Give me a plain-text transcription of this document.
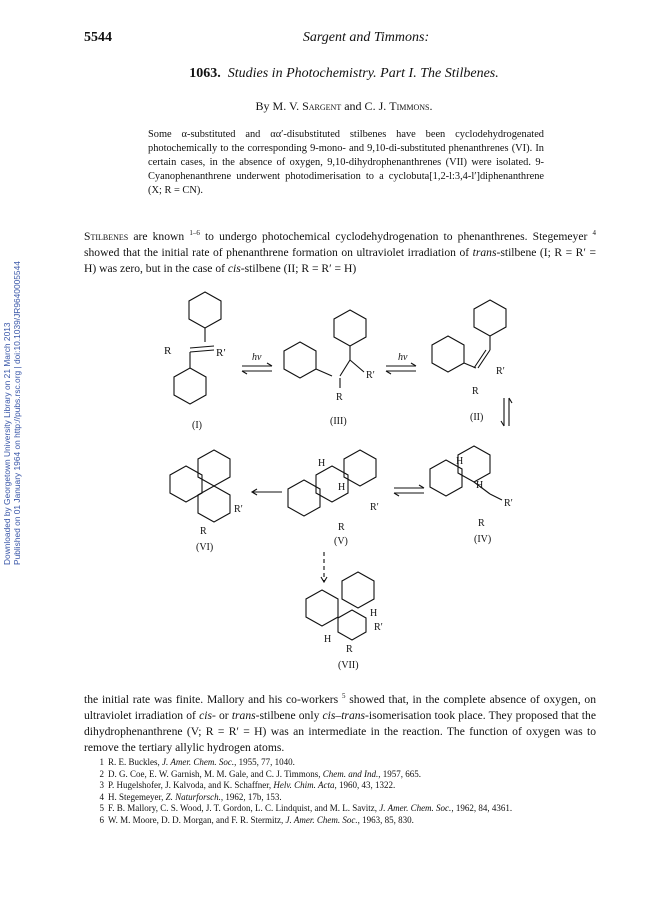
Downloaded by Georgetown University Library on 21 March 2013 Published on 01 January 1964 on http://pubs.rsc.org | doi:10.1039/JR9640005544
5544	Sargent and Timmons:
1063. Studies in Photochemistry. Part I. The Stilbenes.
By M. V. Sargent and C. J. Timmons.
Some α-substituted and αα′-disubstituted stilbenes have been cyclodehydrogenated photochemically to the corresponding 9-mono- and 9,10-di-substituted phenanthrenes (VI). In certain cases, in the absence of oxygen, 9,10-dihydrophenanthrenes (VII) were isolated. 9-Cyanophenanthrene underwent photodimerisation to a cyclobuta[1,2-l:3,4-l′]diphenanthrene (X; R = CN).
Stilbenes are known $^{1-6}$ to undergo photochemical cyclodehydrogenation to phenanthrenes. Stegemeyer $^4$ showed that the initial rate of phenanthrene formation on ultraviolet irradiation of trans-stilbene (I; R = R′ = H) was zero, but in the case of cis-stilbene (II; R = R′ = H)
R	R′
(I)
hν
R′
R
(III)
hν
R′
R
(II)
H
H
R′
R
(IV)
H
H
R′
R
(V)
R′
R
(VI)
H
R′
H
R
(VII)
the initial rate was finite. Mallory and his co-workers $^5$ showed that, in the complete absence of oxygen, on ultraviolet irradiation of cis- or trans-stilbene only cis–trans-isomerisation took place. They proposed that the dihydrophenanthrene (V; R = R′ = H) was an intermediate in the reaction. The function of oxygen was to remove the tertiary allylic hydrogen atoms.
1 R. E. Buckles, J. Amer. Chem. Soc., 1955, 77, 1040.
2 D. G. Coe, E. W. Garnish, M. M. Gale, and C. J. Timmons, Chem. and Ind., 1957, 665.
3 P. Hugelshofer, J. Kalvoda, and K. Schaffner, Helv. Chim. Acta, 1960, 43, 1322.
4 H. Stegemeyer, Z. Naturforsch., 1962, 17b, 153.
5 F. B. Mallory, C. S. Wood, J. T. Gordon, L. C. Lindquist, and M. L. Savitz, J. Amer. Chem. Soc., 1962, 84, 4361.
6 W. M. Moore, D. D. Morgan, and F. R. Stermitz, J. Amer. Chem. Soc., 1963, 85, 830.
